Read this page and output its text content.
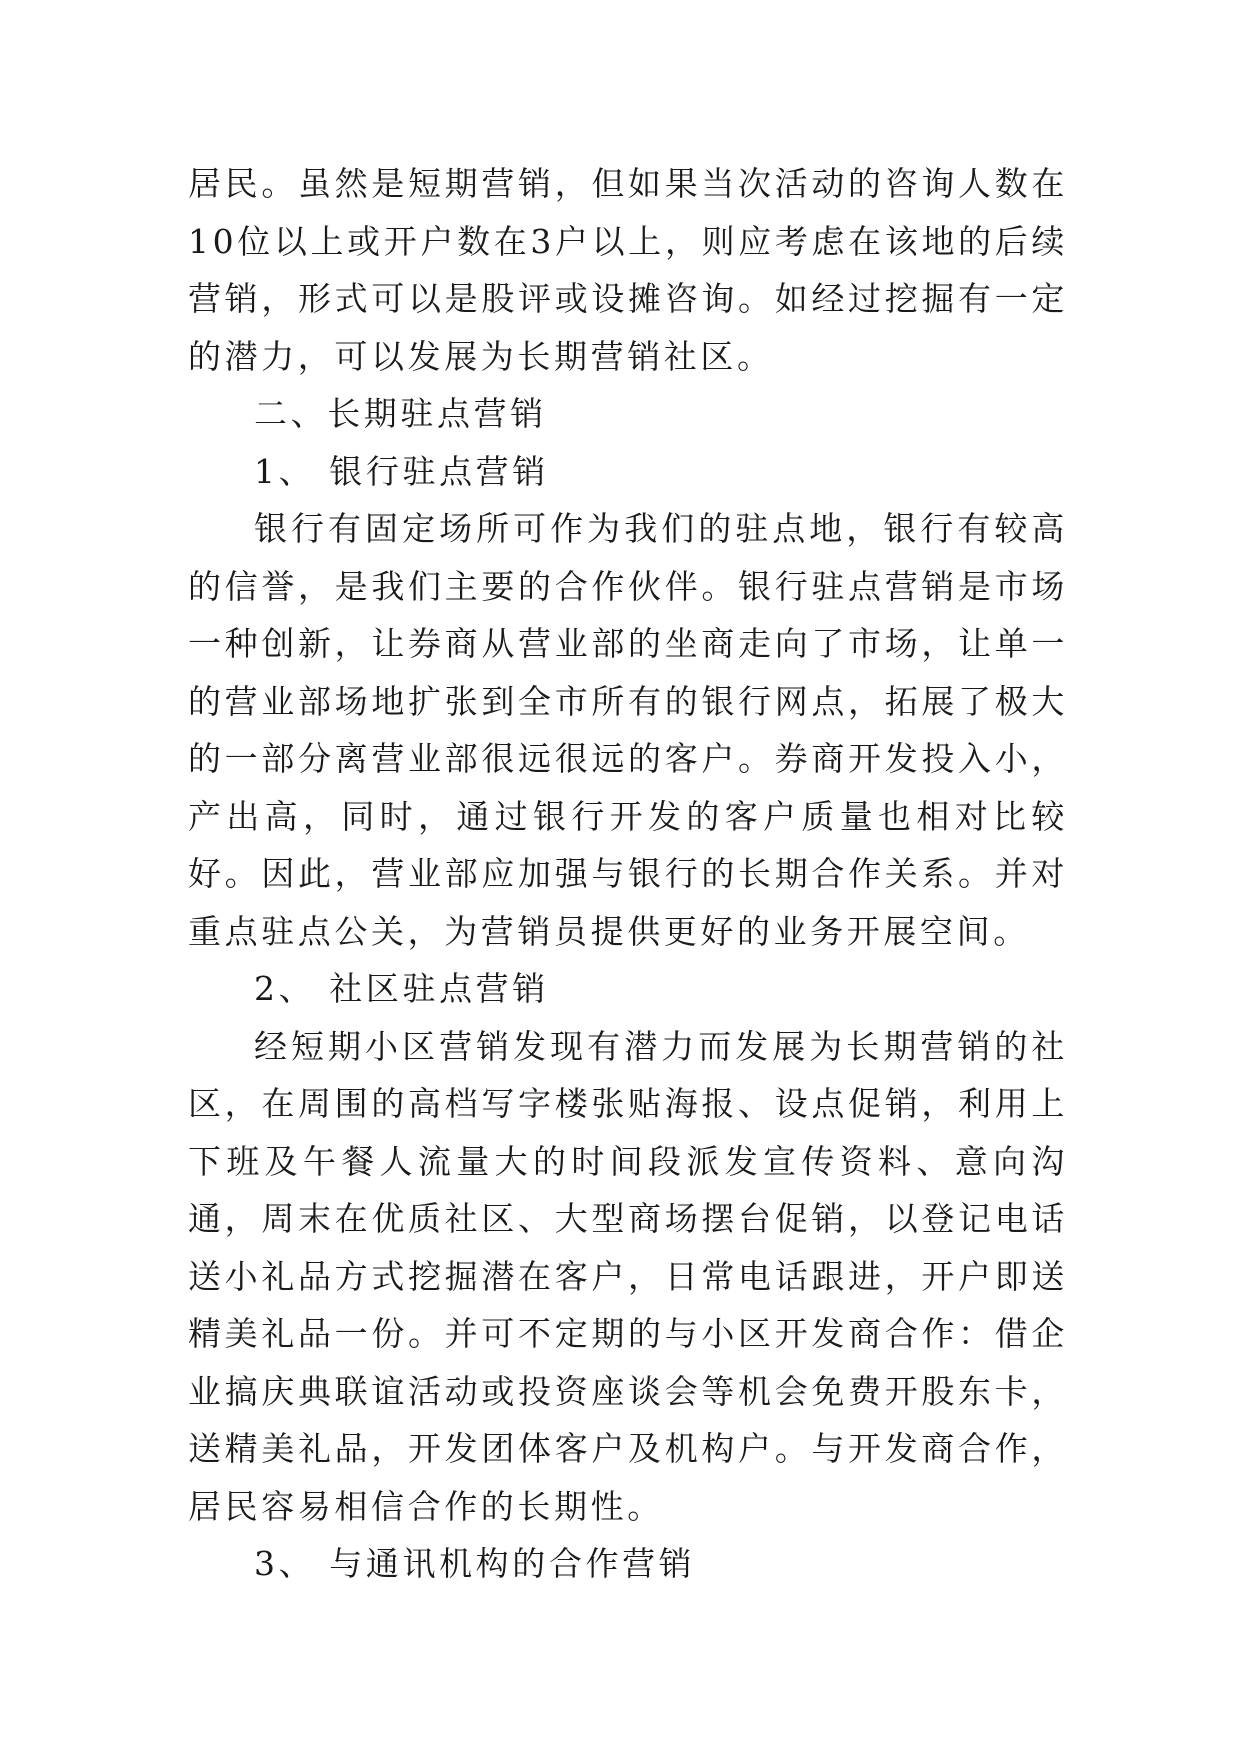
居民。虽然是短期营销，但如果当次活动的咨询人数在10位以上或开户数在3户以上，则应考虑在该地的后续营销，形式可以是股评或设摊咨询。如经过挖掘有一定的潜力，可以发展为长期营销社区。

二、长期驻点营销

1、 银行驻点营销

银行有固定场所可作为我们的驻点地，银行有较高的信誉，是我们主要的合作伙伴。银行驻点营销是市场一种创新，让券商从营业部的坐商走向了市场，让单一的营业部场地扩张到全市所有的银行网点，拓展了极大的一部分离营业部很远很远的客户。券商开发投入小，产出高，同时，通过银行开发的客户质量也相对比较好。因此，营业部应加强与银行的长期合作关系。并对重点驻点公关，为营销员提供更好的业务开展空间。

2、 社区驻点营销

经短期小区营销发现有潜力而发展为长期营销的社区，在周围的高档写字楼张贴海报、设点促销，利用上下班及午餐人流量大的时间段派发宣传资料、意向沟通，周末在优质社区、大型商场摆台促销，以登记电话送小礼品方式挖掘潜在客户，日常电话跟进，开户即送精美礼品一份。并可不定期的与小区开发商合作：借企业搞庆典联谊活动或投资座谈会等机会免费开股东卡，送精美礼品，开发团体客户及机构户。与开发商合作，居民容易相信合作的长期性。

3、 与通讯机构的合作营销
